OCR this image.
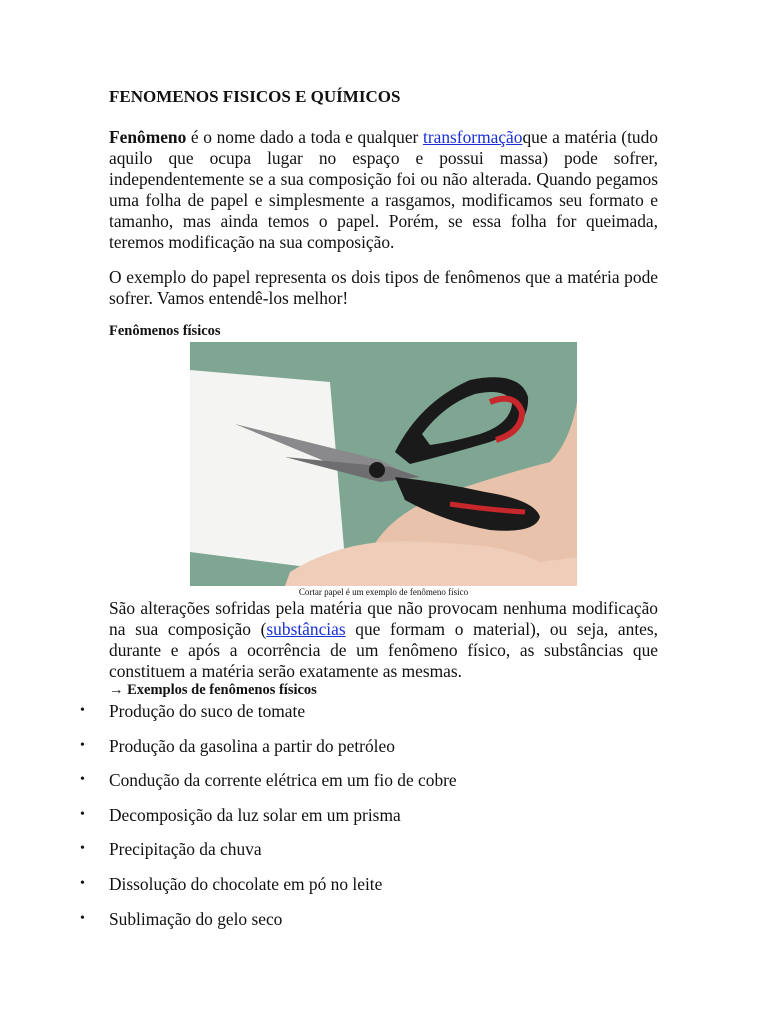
FENOMENOS FISICOS E QUÍMICOS

Fenômeno é o nome dado a toda e qualquer transformaçãoque a matéria (tudo aquilo que ocupa lugar no espaço e possui massa) pode sofrer, independentemente se a sua composição foi ou não alterada. Quando pegamos uma folha de papel e simplesmente a rasgamos, modificamos seu formato e tamanho, mas ainda temos o papel. Porém, se essa folha for queimada, teremos modificação na sua composição.

O exemplo do papel representa os dois tipos de fenômenos que a matéria pode sofrer. Vamos entendê-los melhor!

Fenômenos físicos
Cortar papel é um exemplo de fenômeno físico

São alterações sofridas pela matéria que não provocam nenhuma modificação na sua composição (substâncias que formam o material), ou seja, antes, durante e após a ocorrência de um fenômeno físico, as substâncias que constituem a matéria serão exatamente as mesmas.

→ Exemplos de fenômenos físicos
• Produção do suco de tomate
• Produção da gasolina a partir do petróleo
• Condução da corrente elétrica em um fio de cobre
• Decomposição da luz solar em um prisma
• Precipitação da chuva
• Dissolução do chocolate em pó no leite
• Sublimação do gelo seco
